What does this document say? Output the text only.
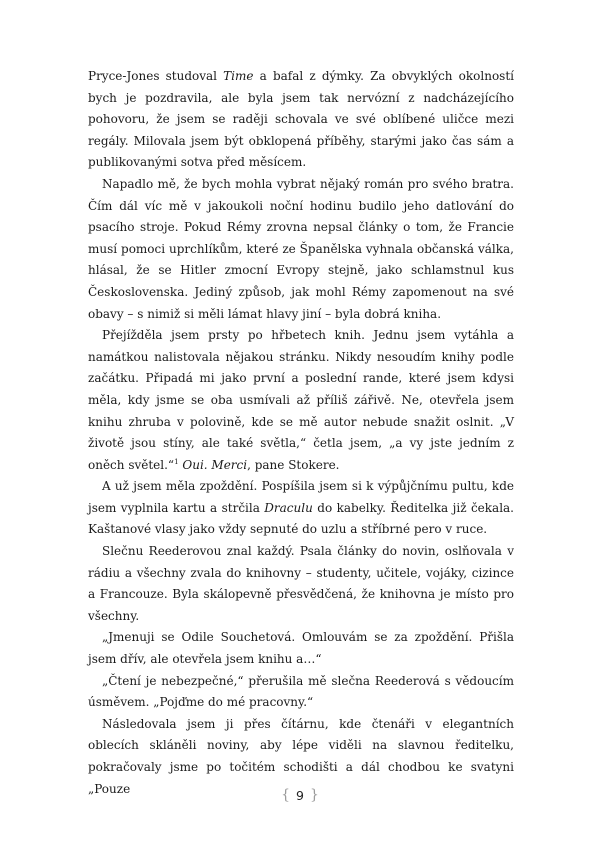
Pryce-Jones studoval Time a bafal z dýmky. Za obvyklých okolností bych je pozdravila, ale byla jsem tak nervózní z nadcházejícího pohovoru, že jsem se raději schovala ve své oblíbené uličce mezi regály. Milovala jsem být obklopená příběhy, starými jako čas sám a publikovanými sotva před měsícem.

Napadlo mě, že bych mohla vybrat nějaký román pro svého bratra. Čím dál víc mě v jakoukoli noční hodinu budilo jeho datlování do psacího stroje. Pokud Rémy zrovna nepsal články o tom, že Francie musí pomoci uprchlíkům, které ze Španělska vyhnala občanská válka, hlásal, že se Hitler zmocní Evropy stejně, jako schlamstnul kus Československa. Jediný způsob, jak mohl Rémy zapomenout na své obavy – s nimiž si měli lámat hlavy jiní – byla dobrá kniha.

Přejížděla jsem prsty po hřbetech knih. Jednu jsem vytáhla a namátkou nalistovala nějakou stránku. Nikdy nesoudím knihy podle začátku. Připadá mi jako první a poslední rande, které jsem kdysi měla, kdy jsme se oba usmívali až příliš zářivě. Ne, otevřela jsem knihu zhruba v polovině, kde se mě autor nebude snažit oslnit. „V životě jsou stíny, ale také světla,“ četla jsem, „a vy jste jedním z oněch světel.“$^1$ Oui. Merci, pane Stokere.

A už jsem měla zpoždění. Pospíšila jsem si k výpůjčnímu pultu, kde jsem vyplnila kartu a strčila Draculu do kabelky. Ředitelka již čekala. Kaštanové vlasy jako vždy sepnuté do uzlu a stříbrné pero v ruce.

Slečnu Reederovou znal každý. Psala články do novin, oslňovala v rádiu a všechny zvala do knihovny – studenty, učitele, vojáky, cizince a Francouze. Byla skálopevně přesvědčená, že knihovna je místo pro všechny.

„Jmenuji se Odile Souchetová. Omlouvám se za zpoždění. Přišla jsem dřív, ale otevřela jsem knihu a…“

„Čtení je nebezpečné,“ přerušila mě slečna Reederová s vědoucím úsměvem. „Pojďme do mé pracovny.“

Následovala jsem ji přes čítárnu, kde čtenáři v elegantních oblecích skláněli noviny, aby lépe viděli na slavnou ředitelku, pokračovaly jsme po točitém schodišti a dál chodbou ke svatyni „Pouze	{ 9 }
